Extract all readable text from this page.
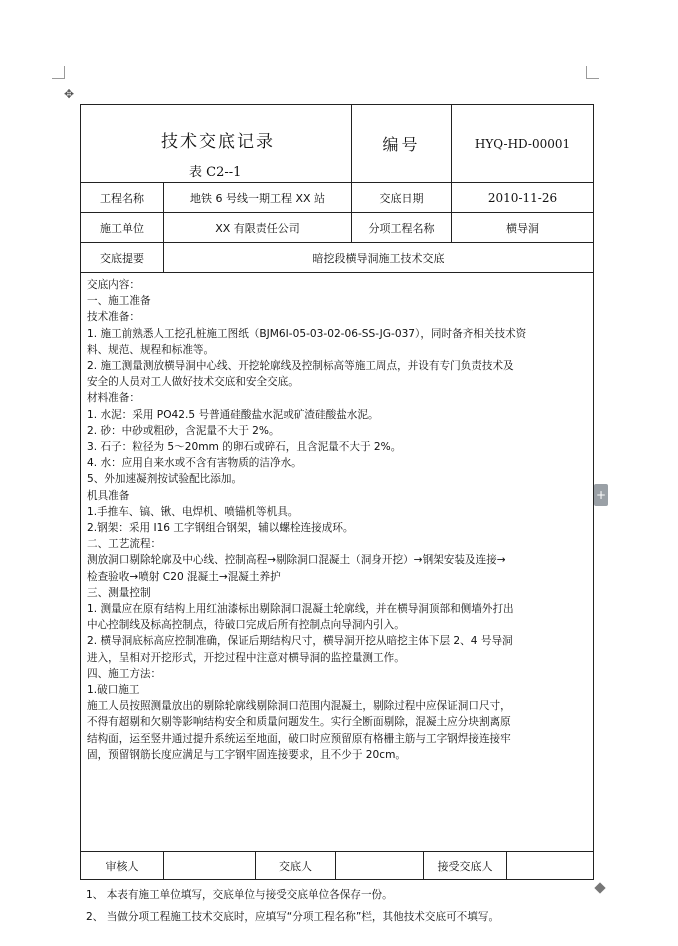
✥
+
技术交底记录
表 C2--1
编号	HYQ-HD-00001
工程名称	地铁 6 号线一期工程 XX 站	交底日期	2010-11-26
施工单位	XX 有限责任公司	分项工程名称	横导洞
交底提要	暗挖段横导洞施工技术交底

交底内容：

一、施工准备

技术准备：

1. 施工前熟悉人工挖孔桩施工图纸（BJM6I-05-03-02-06-SS-JG-037），同时备齐相关技术资

料、规范、规程和标准等。

2. 施工测量测放横导洞中心线、开挖轮廓线及控制标高等施工周点，并设有专门负责技术及

安全的人员对工人做好技术交底和安全交底。

材料准备：

1. 水泥：采用 PO42.5 号普通硅酸盐水泥或矿渣硅酸盐水泥。

2. 砂：中砂或粗砂，含泥量不大于 2%。

3. 石子：粒径为 5～20mm 的卵石或碎石，且含泥量不大于 2%。

4. 水：应用自来水或不含有害物质的洁净水。

5、外加速凝剂按试验配比添加。

机具准备

1.手推车、镐、锹、电焊机、喷锚机等机具。

2.钢架：采用 I16 工字钢组合钢架，辅以螺栓连接成环。

二、工艺流程：

测放洞口剔除轮廓及中心线、控制高程→剔除洞口混凝土（洞身开挖）→钢架安装及连接→

检查验收→喷射 C20 混凝土→混凝土养护

三、测量控制

1. 测量应在原有结构上用红油漆标出剔除洞口混凝土轮廓线，并在横导洞顶部和侧墙外打出

中心控制线及标高控制点，待破口完成后所有控制点向导洞内引入。

2. 横导洞底标高应控制准确，保证后期结构尺寸，横导洞开挖从暗挖主体下层 2、4 号导洞

进入，呈相对开挖形式，开挖过程中注意对横导洞的监控量测工作。

四、施工方法：

1.破口施工

施工人员按照测量放出的剔除轮廓线剔除洞口范围内混凝土，剔除过程中应保证洞口尺寸，

不得有超剔和欠剔等影响结构安全和质量问题发生。实行全断面剔除，混凝土应分块割离原

结构面，运至竖井通过提升系统运至地面，破口时应预留原有格栅主筋与工字钢焊接连接牢

固，预留钢筋长度应满足与工字钢牢固连接要求，且不少于 20cm。

审核人	交底人	接受交底人

1、 本表有施工单位填写，交底单位与接受交底单位各保存一份。

2、 当做分项工程施工技术交底时，应填写“分项工程名称”栏，其他技术交底可不填写。
